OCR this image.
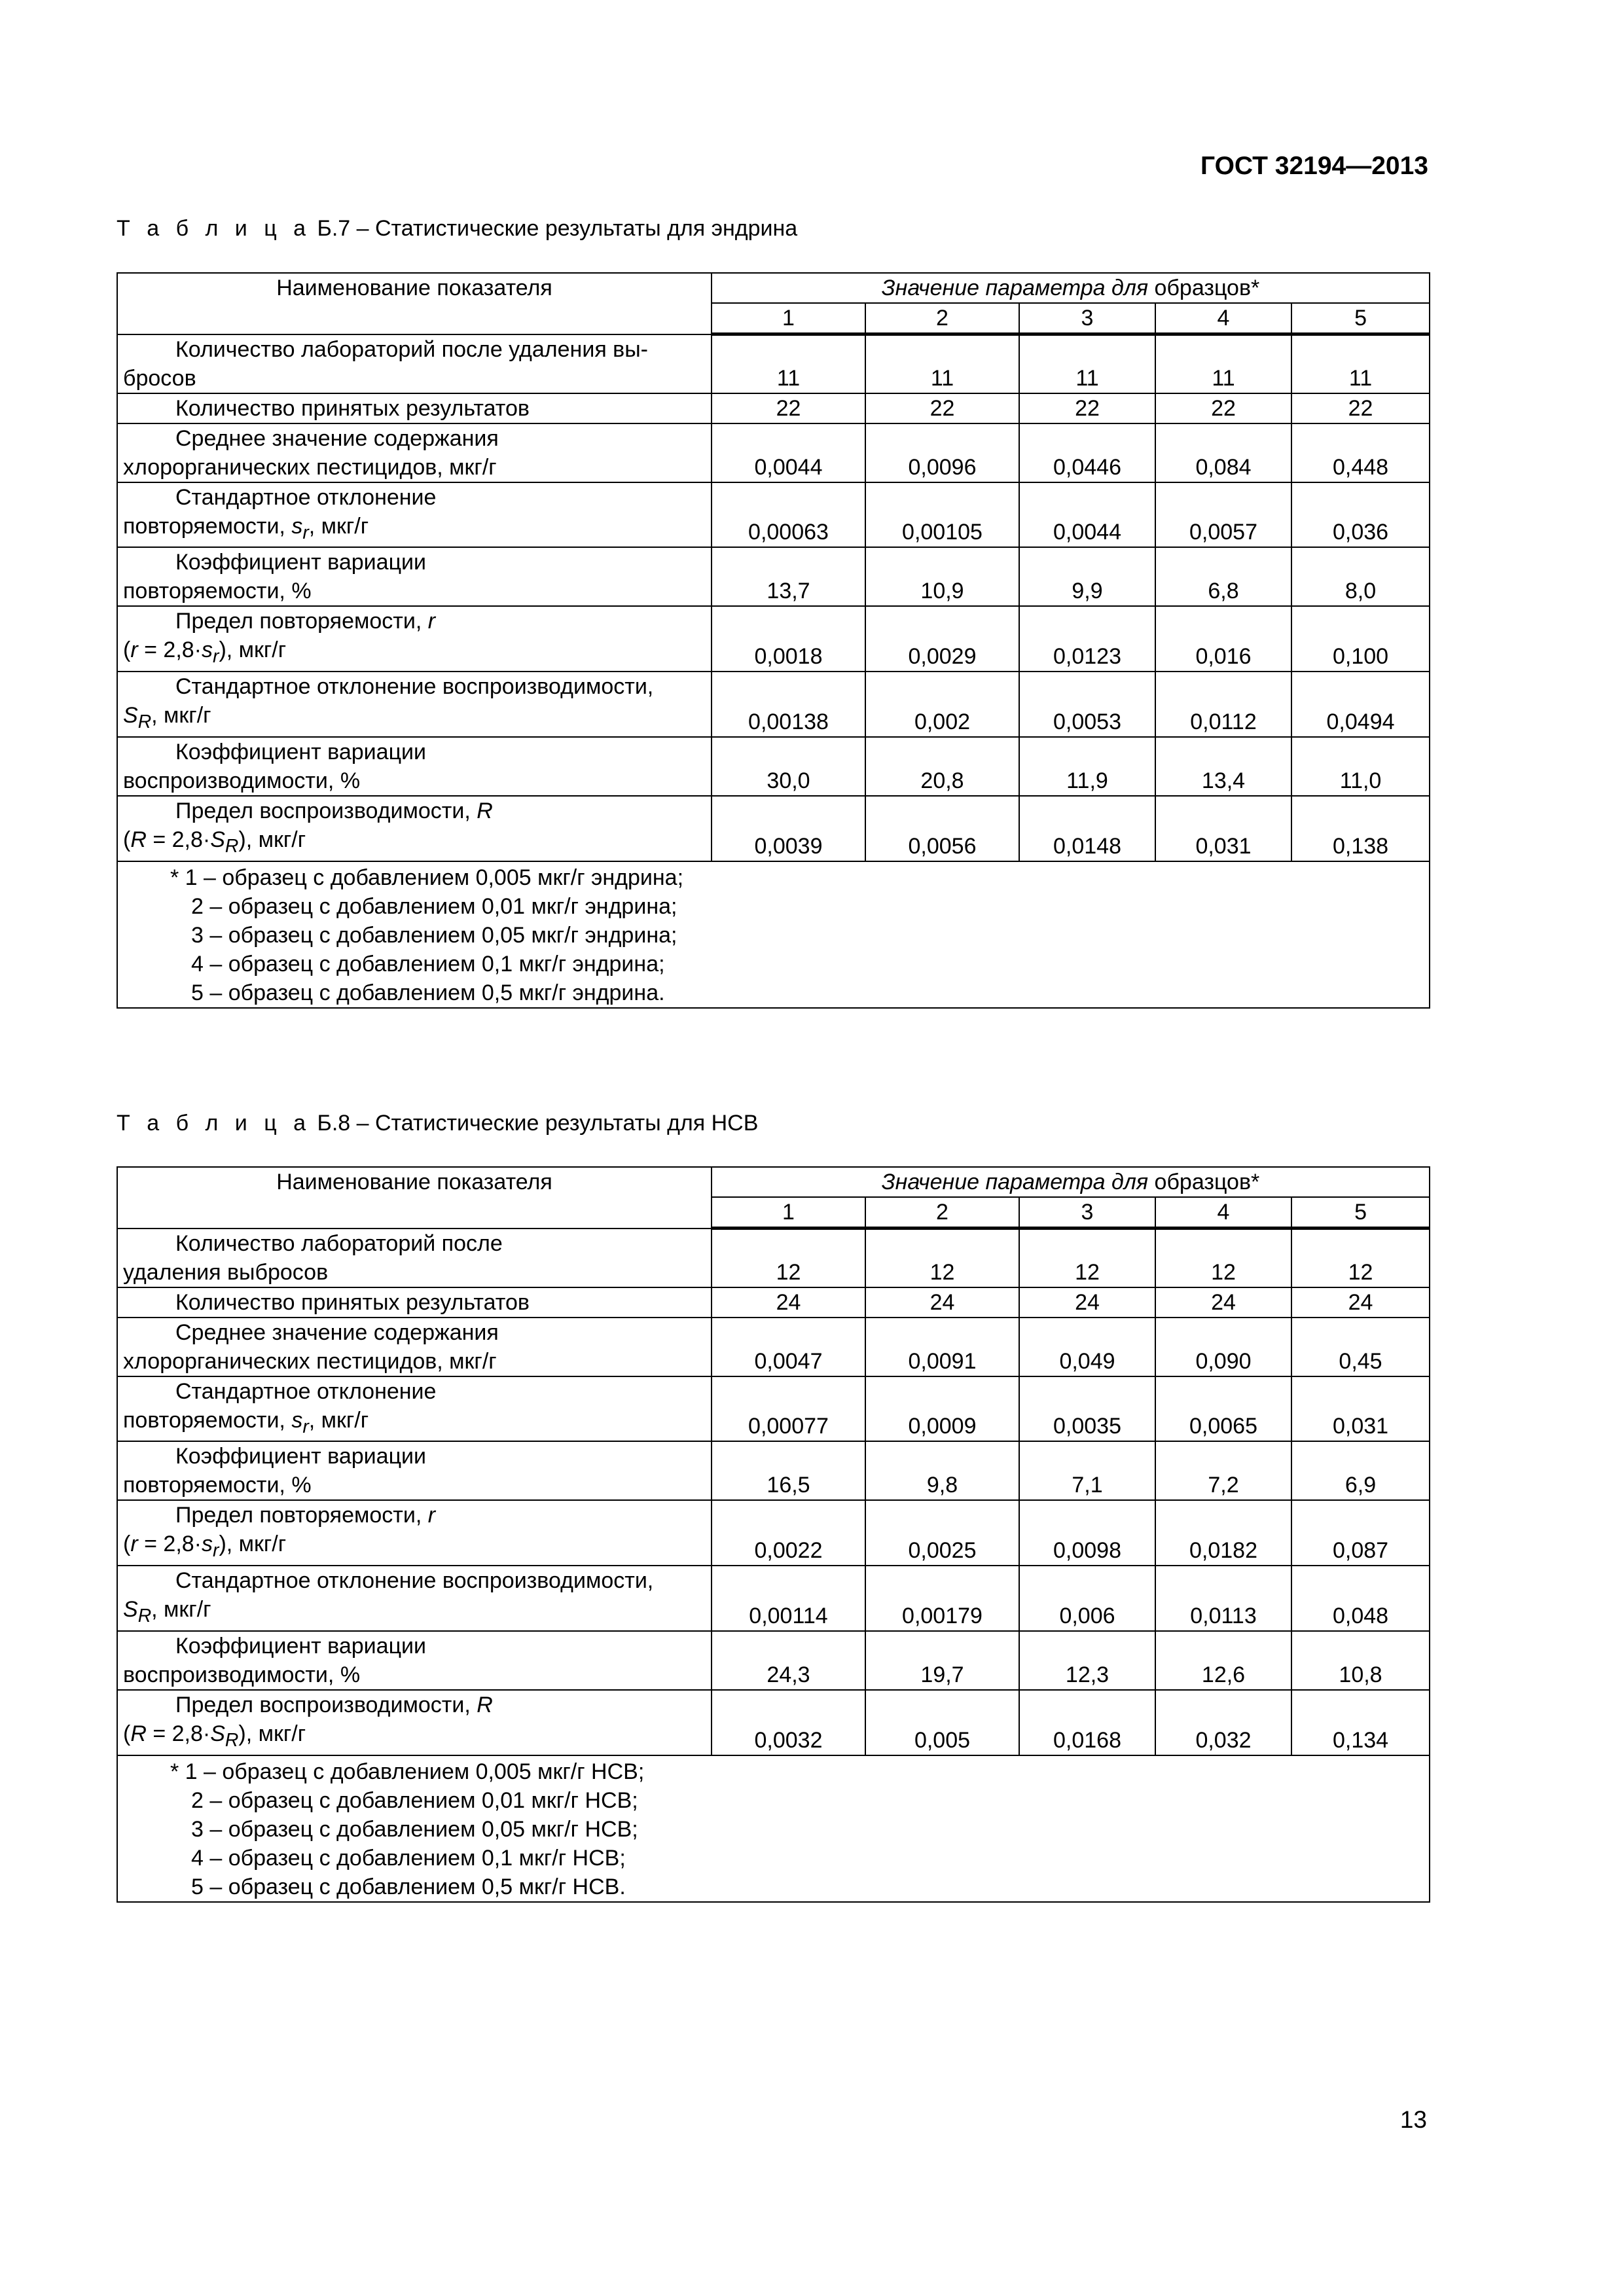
ГОСТ 32194—2013
Т а б л и ц а Б.7 – Статистические результаты для эндрина
Наименование показателя	Значение параметра для образцов*				
	1	2	3	4	5

Количество лабораторий после удаления вы-
бросов	11	11	11	11	11

Количество принятых результатов	22	22	22	22	22

Среднее значение содержания
хлорорганических пестицидов, мкг/г	0,0044	0,0096	0,0446	0,084	0,448

Стандартное отклонение
повторяемости, $s_r$, мкг/г	0,00063	0,00105	0,0044	0,0057	0,036

Коэффициент вариации
повторяемости, %	13,7	10,9	9,9	6,8	8,0

Предел повторяемости, r
$(r = 2,8\cdot s_r)$, мкг/г	0,0018	0,0029	0,0123	0,016	0,100

Стандартное отклонение воспроизводимости,
$S_R$, мкг/г	0,00138	0,002	0,0053	0,0112	0,0494

Коэффициент вариации
воспроизводимости, %	30,0	20,8	11,9	13,4	11,0

Предел воспроизводимости, R
$(R = 2,8\cdot S_R)$, мкг/г	0,0039	0,0056	0,0148	0,031	0,138

* 1 – образец с добавлением 0,005 мкг/г эндрина;
2 – образец с добавлением 0,01 мкг/г эндрина;
3 – образец с добавлением 0,05 мкг/г эндрина;
4 – образец с добавлением 0,1 мкг/г эндрина;
5 – образец с добавлением 0,5 мкг/г эндрина.					
Т а б л и ц а Б.8 – Статистические результаты для НСВ
Наименование показателя	Значение параметра для образцов*				
	1	2	3	4	5

Количество лабораторий после
удаления выбросов	12	12	12	12	12

Количество принятых результатов	24	24	24	24	24

Среднее значение содержания
хлорорганических пестицидов, мкг/г	0,0047	0,0091	0,049	0,090	0,45

Стандартное отклонение
повторяемости, $s_r$, мкг/г	0,00077	0,0009	0,0035	0,0065	0,031

Коэффициент вариации
повторяемости, %	16,5	9,8	7,1	7,2	6,9

Предел повторяемости, r
$(r = 2,8\cdot s_r)$, мкг/г	0,0022	0,0025	0,0098	0,0182	0,087

Стандартное отклонение воспроизводимости,
$S_R$, мкг/г	0,00114	0,00179	0,006	0,0113	0,048

Коэффициент вариации
воспроизводимости, %	24,3	19,7	12,3	12,6	10,8

Предел воспроизводимости, R
$(R = 2,8\cdot S_R)$, мкг/г	0,0032	0,005	0,0168	0,032	0,134

* 1 – образец с добавлением 0,005 мкг/г НСВ;
2 – образец с добавлением 0,01 мкг/г НСВ;
3 – образец с добавлением 0,05 мкг/г НСВ;
4 – образец с добавлением 0,1 мкг/г НСВ;
5 – образец с добавлением 0,5 мкг/г НСВ.					
13
